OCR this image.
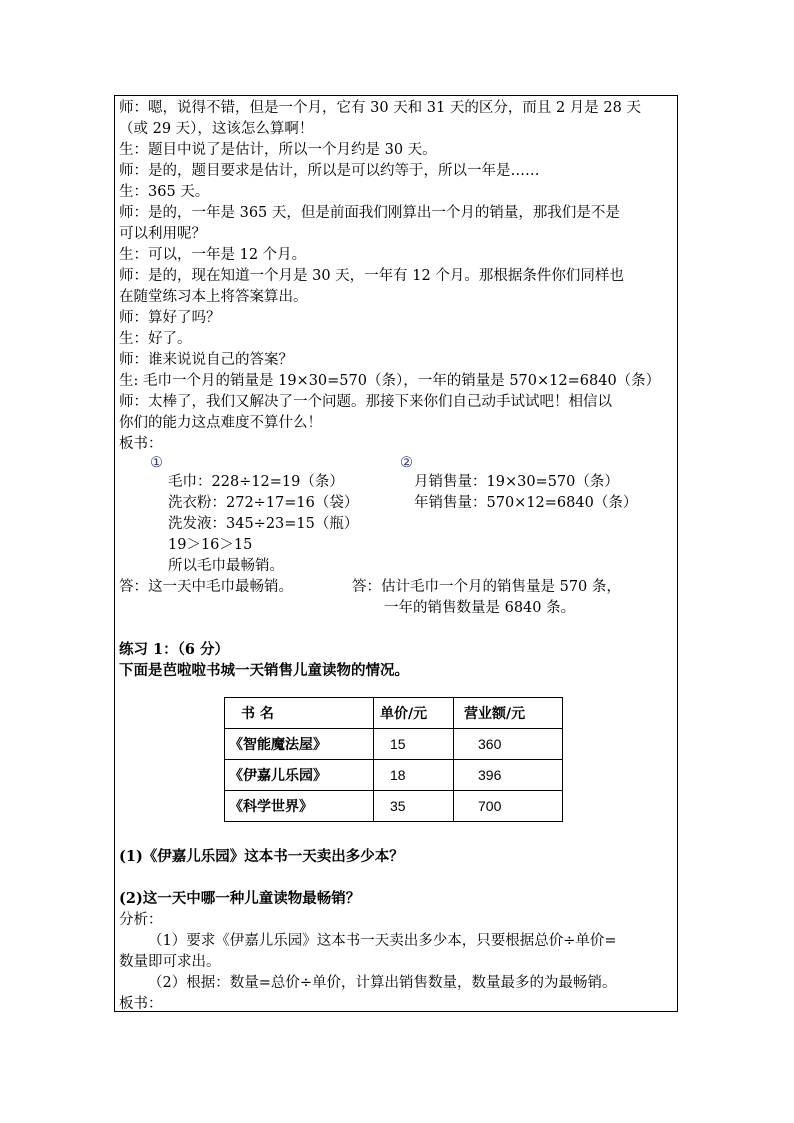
师：嗯，说得不错，但是一个月，它有 30 天和 31 天的区分，而且 2 月是 28 天
（或 29 天），这该怎么算啊！
生：题目中说了是估计，所以一个月约是 30 天。
师：是的，题目要求是估计，所以是可以约等于，所以一年是……
生：365 天。
师：是的，一年是 365 天，但是前面我们刚算出一个月的销量，那我们是不是
可以利用呢？
生：可以，一年是 12 个月。
师：是的，现在知道一个月是 30 天，一年有 12 个月。那根据条件你们同样也
在随堂练习本上将答案算出。
师：算好了吗？
生：好了。
师：谁来说说自己的答案？
生: 毛巾一个月的销量是 19×30=570（条），一年的销量是 570×12=6840（条）
师：太棒了，我们又解决了一个问题。那接下来你们自己动手试试吧！相信以
你们的能力这点难度不算什么！
板书：
①	②
毛巾：228÷12=19（条）
洗衣粉：272÷17=16（袋）
洗发液：345÷23=15（瓶）
19＞16＞15
所以毛巾最畅销。
月销售量：19×30=570（条）
年销售量：570×12=6840（条）
答：这一天中毛巾最畅销。	答：估计毛巾一个月的销售量是 570 条，
一年的销售数量是 6840 条。
练习 1：（6 分）
下面是芭啦啦书城一天销售儿童读物的情况。
书 名	单价/元	营业额/元
《智能魔法屋》	15	360
《伊嘉儿乐园》	18	396
《科学世界》	35	700
(1)《伊嘉儿乐园》这本书一天卖出多少本？
(2)这一天中哪一种儿童读物最畅销？
分析：
（1）要求《伊嘉儿乐园》这本书一天卖出多少本，只要根据总价÷单价=
数量即可求出。
（2）根据：数量=总价÷单价，计算出销售数量，数量最多的为最畅销。
板书：
